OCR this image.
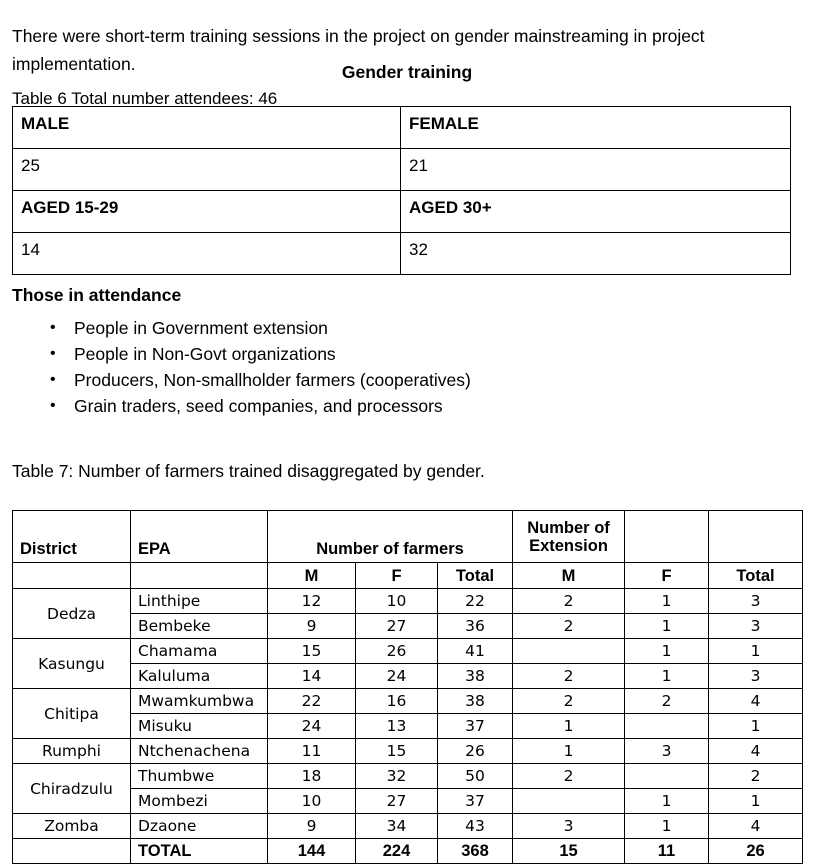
There were short-term training sessions in the project on gender mainstreaming in project implementation.	Gender training
Table 6 Total number attendees: 46
MALE	FEMALE
25	21
AGED 15-29	AGED 30+
14	32
Those in attendance
• People in Government extension
• People in Non-Govt organizations
• Producers, Non-smallholder farmers (cooperatives)
• Grain traders, seed companies, and processors
Table 7: Number of farmers trained disaggregated by gender.
District	EPA	Number of farmers			Number of Extension		
		M	F	Total	M	F	Total
Dedza	Linthipe	12	10	22	2	1	3
	Bembeke	9	27	36	2	1	3
Kasungu	Chamama	15	26	41		1	1
	Kaluluma	14	24	38	2	1	3
Chitipa	Mwamkumbwa	22	16	38	2	2	4
	Misuku	24	13	37	1		1
Rumphi	Ntchenachena	11	15	26	1	3	4
Chiradzulu	Thumbwe	18	32	50	2		2
	Mombezi	10	27	37		1	1
Zomba	Dzaone	9	34	43	3	1	4
	TOTAL	144	224	368	15	11	26
